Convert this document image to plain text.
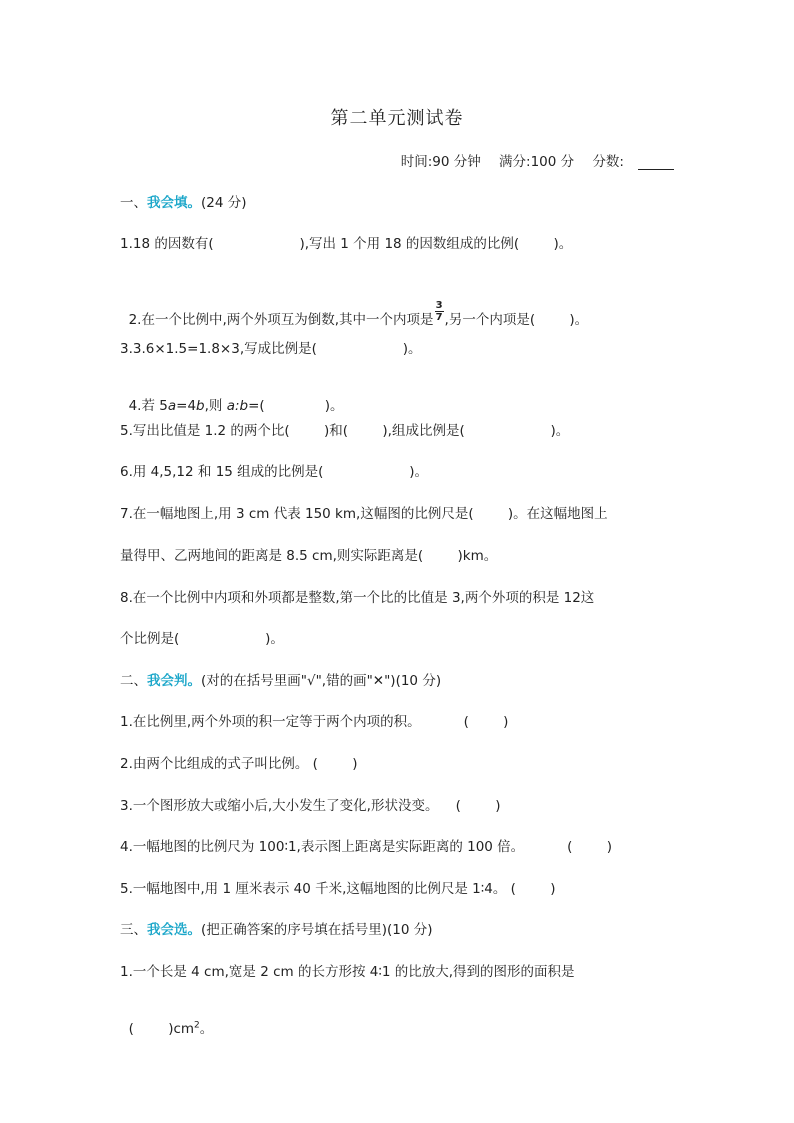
第二单元测试卷
时间:90 分钟 满分:100 分 分数:
一、我会填。(24 分)
1.18 的因数有(                    ),写出 1 个用 18 的因数组成的比例(        )。

2.在一个比例中,两个外项互为倒数,其中一个内项是 $\frac{3}{7}$ ,另一个内项是(        )。

3.3.6×1.5=1.8×3,写成比例是(                    )。

4.若 5a=4b,则 a:b=(              )。

5.写出比值是 1.2 的两个比(        )和(        ),组成比例是(                    )。
6.用 4,5,12 和 15 组成的比例是(                    )。
7.在一幅地图上,用 3 cm 代表 150 km,这幅图的比例尺是(        )。在这幅地图上
量得甲、乙两地间的距离是 8.5 cm,则实际距离是(        )km。
8.在一个比例中内项和外项都是整数,第一个比的比值是 3,两个外项的积是 12这
个比例是(                    )。
二、我会判。(对的在括号里画"√",错的画"✕")(10 分)
1.在比例里,两个外项的积一定等于两个内项的积。          (        )
2.由两个比组成的式子叫比例。 (        )
3.一个图形放大或缩小后,大小发生了变化,形状没变。    (        )
4.一幅地图的比例尺为 100∶1,表示图上距离是实际距离的 100 倍。          (        )
5.一幅地图中,用 1 厘米表示 40 千米,这幅地图的比例尺是 1∶4。 (        )
三、我会选。(把正确答案的序号填在括号里)(10 分)
1.一个长是 4 cm,宽是 2 cm 的长方形按 4∶1 的比放大,得到的图形的面积是

(        )$cm^2$。
